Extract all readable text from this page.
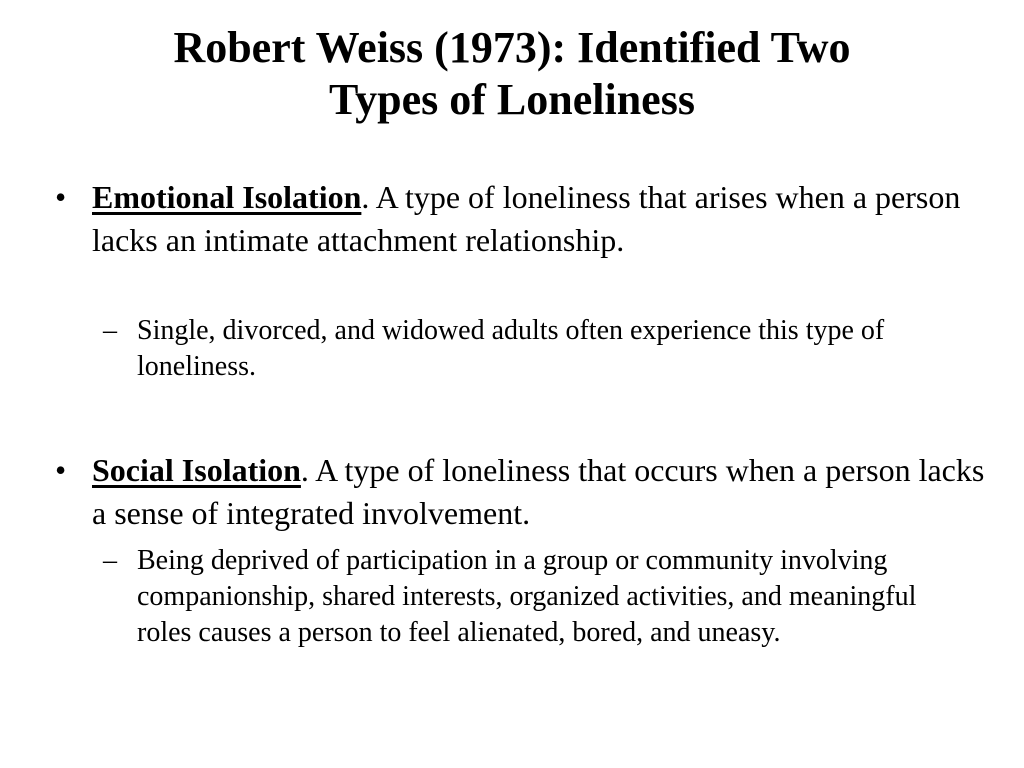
Robert Weiss (1973): Identified Two
Types of Loneliness
• Emotional Isolation. A type of loneliness that arises when a person lacks an intimate attachment relationship.
– Single, divorced, and widowed adults often experience this type of loneliness.
• Social Isolation. A type of loneliness that occurs when a person lacks a sense of integrated involvement.
– Being deprived of participation in a group or community involving companionship, shared interests, organized activities, and meaningful roles causes a person to feel alienated, bored, and uneasy.
